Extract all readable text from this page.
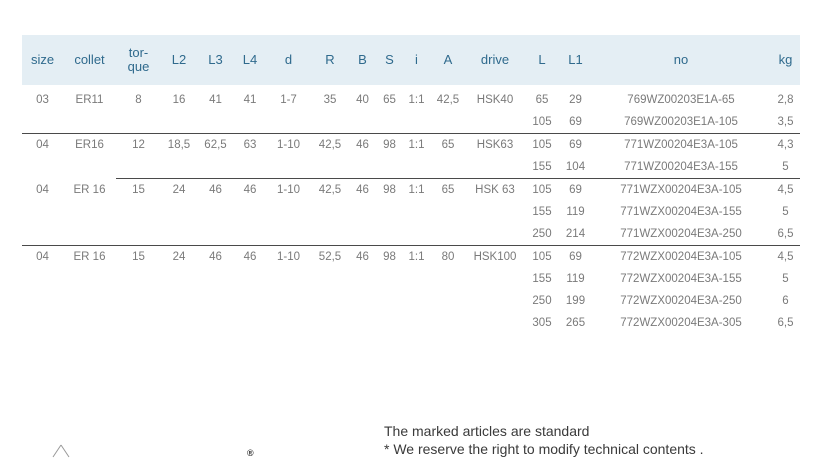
size	collet	tor-
que	L2	L3	L4	d	R	B	S	i	A	drive	L	L1	no	kg
03	ER11	8	16	41	41	1-7	35	40	65	1:1	42,5	HSK40	65	29	769WZ00203E1A-65	2,8
													105	69	769WZ00203E1A-105	3,5
04	ER16	12	18,5	62,5	63	1-10	42,5	46	98	1:1	65	HSK63	105	69	771WZ00204E3A-105	4,3
													155	104	771WZ00204E3A-155	5
04	ER 16	15	24	46	46	1-10	42,5	46	98	1:1	65	HSK 63	105	69	771WZX00204E3A-105	4,5
													155	119	771WZX00204E3A-155	5
													250	214	771WZX00204E3A-250	6,5
04	ER 16	15	24	46	46	1-10	52,5	46	98	1:1	80	HSK100	105	69	772WZX00204E3A-105	4,5
													155	119	772WZX00204E3A-155	5
													250	199	772WZX00204E3A-250	6
													305	265	772WZX00204E3A-305	6,5
The marked articles are standard
* We reserve the right to modify technical contents .
®
